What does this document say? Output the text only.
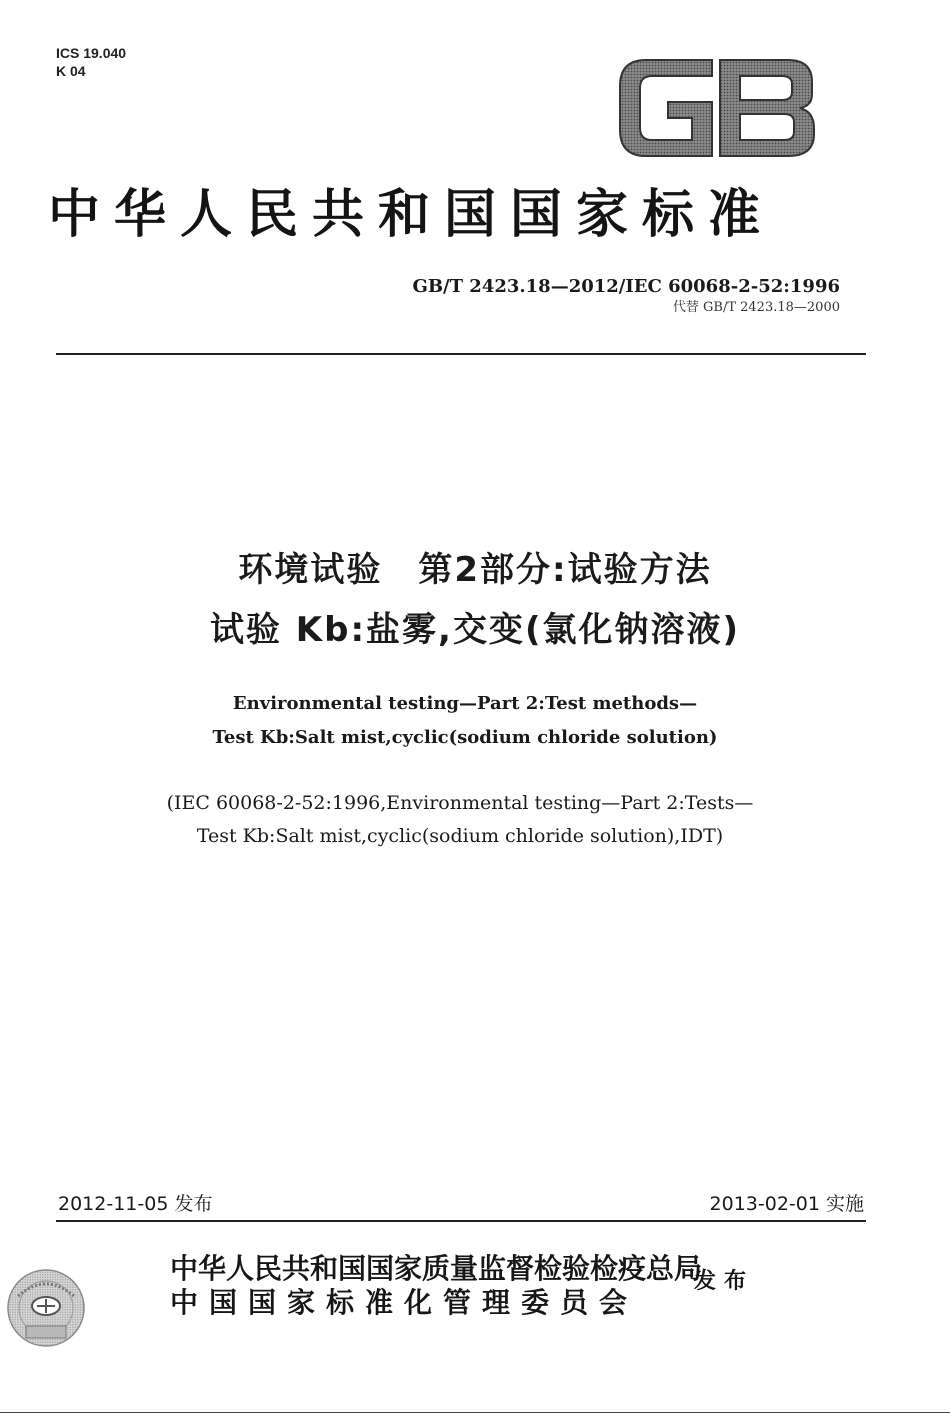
ICS 19.040
K 04
中华人民共和国国家标准
GB/T 2423.18—2012/IEC 60068-2-52:1996
代替 GB/T 2423.18—2000
环境试验　第2部分:试验方法
试验 Kb:盐雾,交变(氯化钠溶液)
Environmental testing—Part 2:Test methods—
Test Kb:Salt mist,cyclic(sodium chloride solution)
(IEC 60068-2-52:1996,Environmental testing—Part 2:Tests—
Test Kb:Salt mist,cyclic(sodium chloride solution),IDT)
2012-11-05 发布	2013-02-01 实施
中华人民共和国国家质量监督检验检疫总局
中国国家标准化管理委员会
发布
